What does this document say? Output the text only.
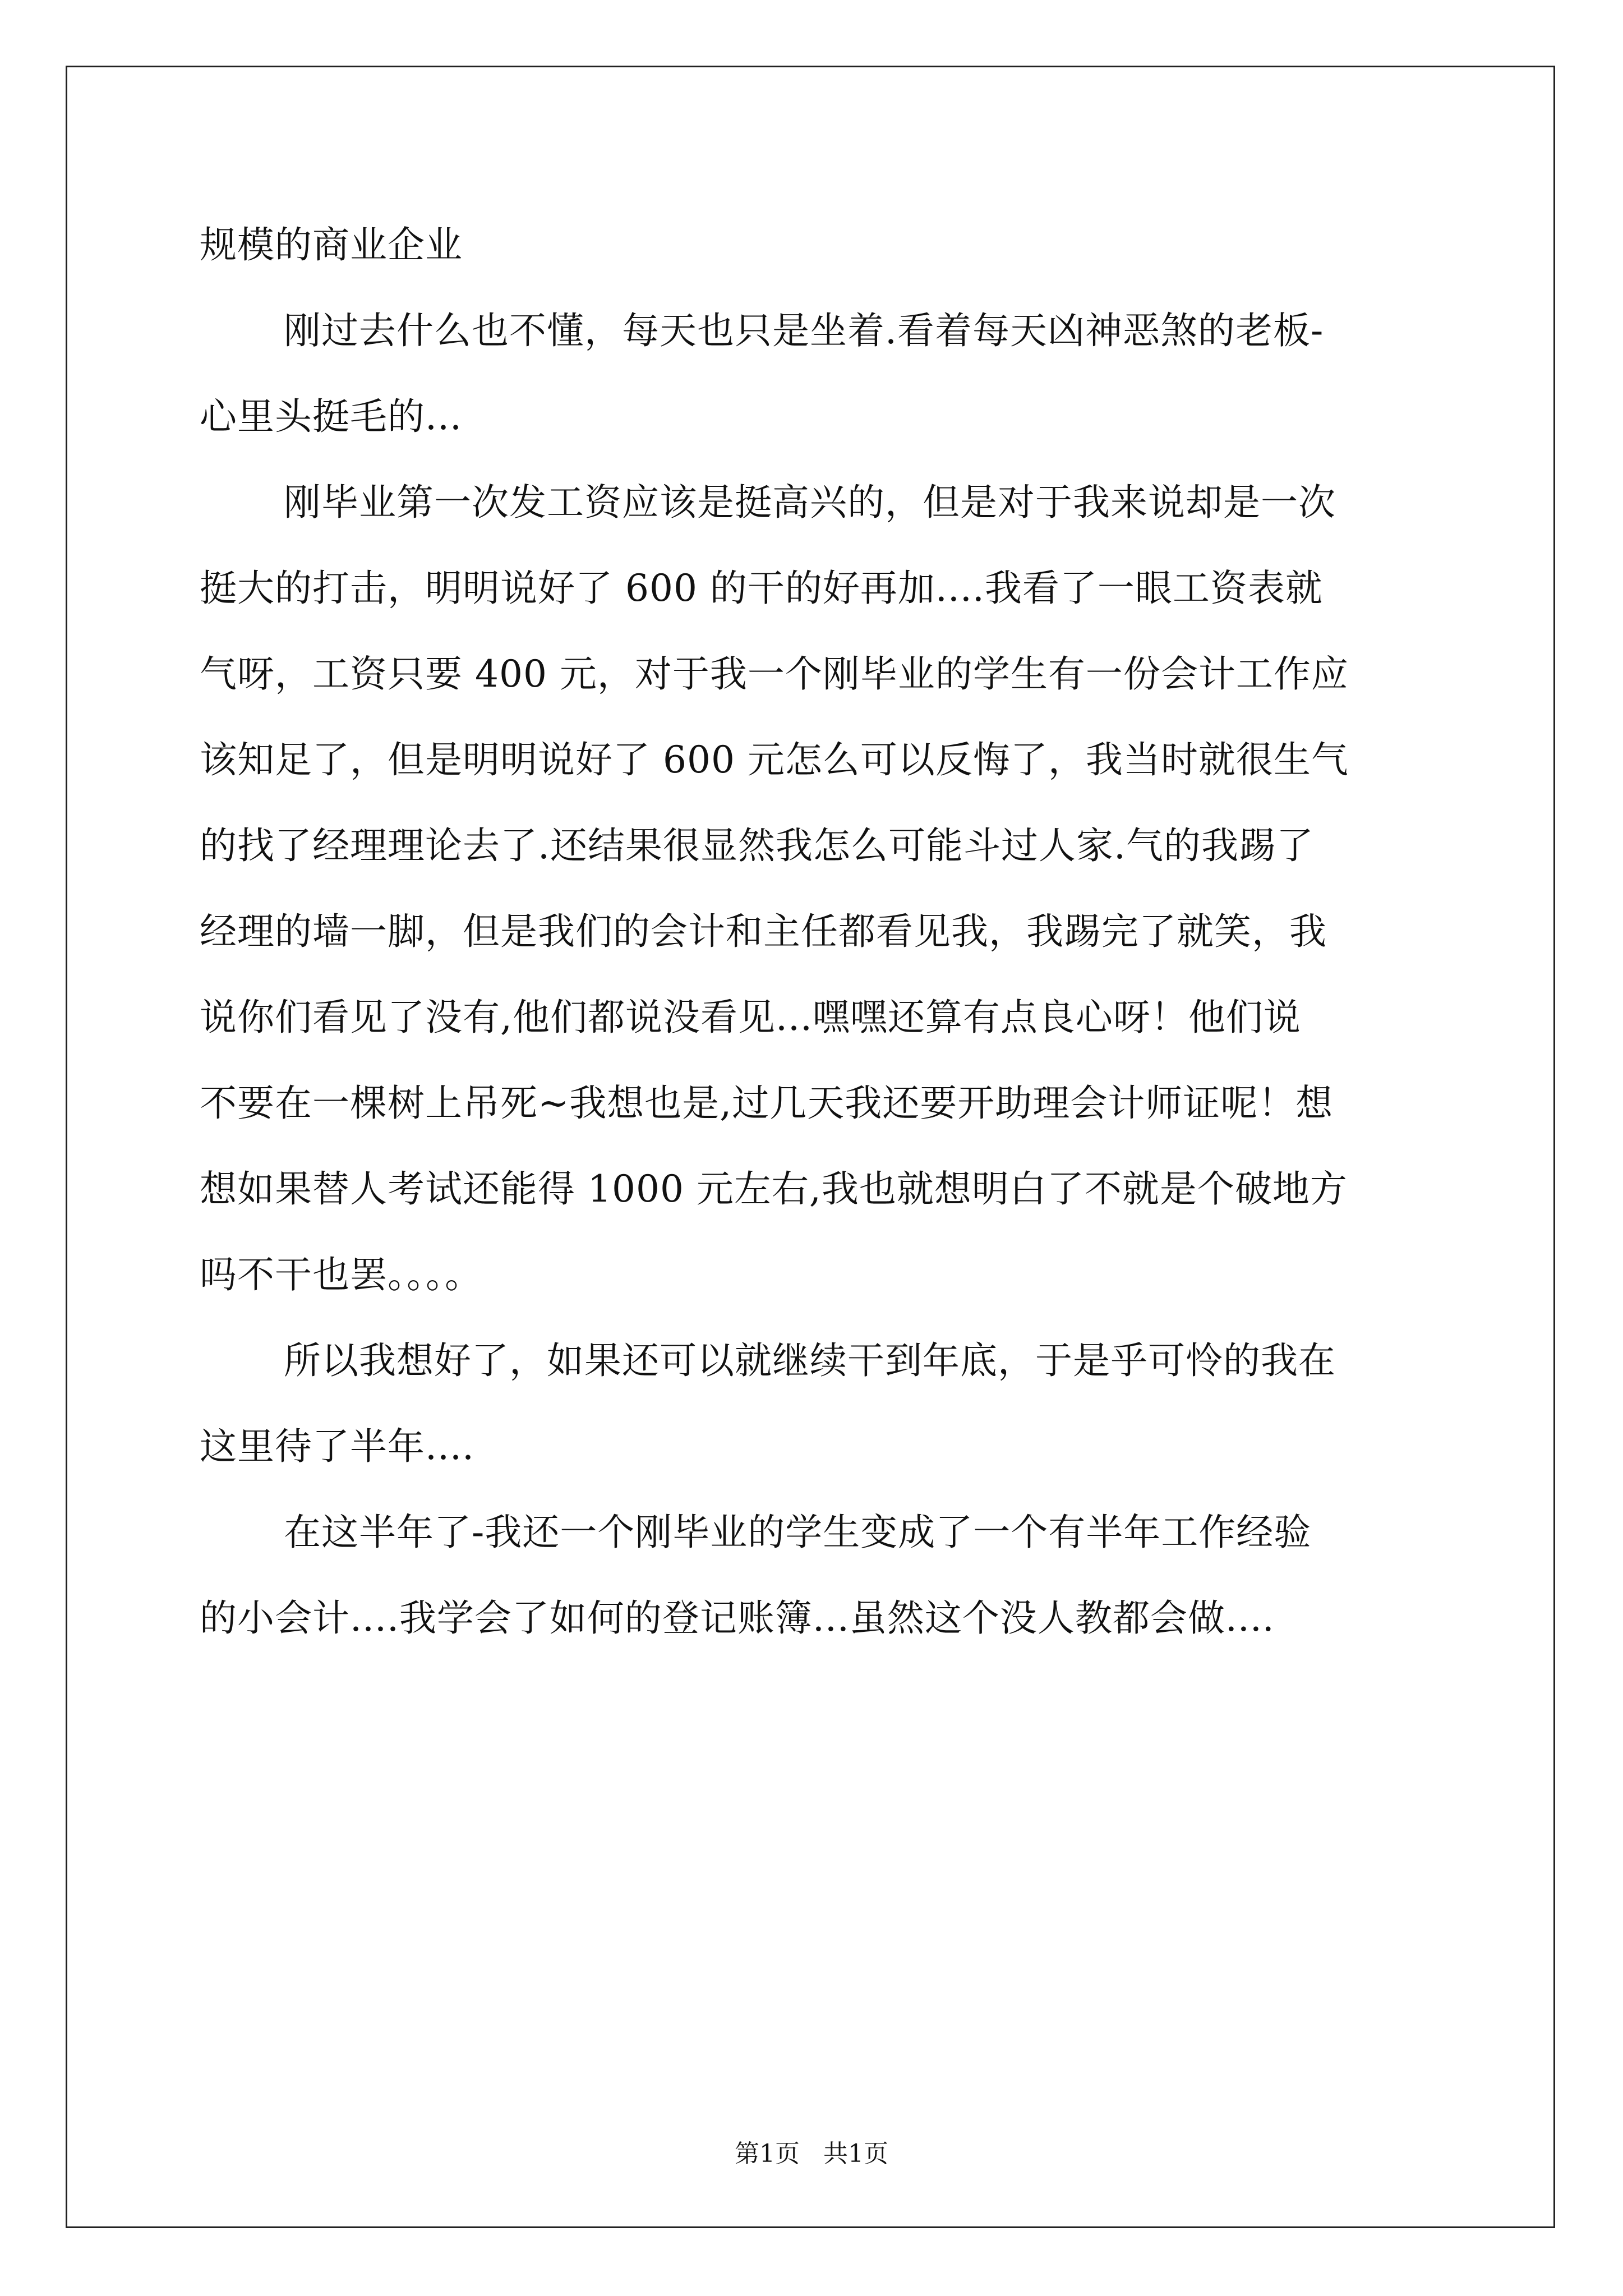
规模的商业企业
刚过去什么也不懂，每天也只是坐着.看着每天凶神恶煞的老板-
心里头挺毛的...
刚毕业第一次发工资应该是挺高兴的，但是对于我来说却是一次
挺大的打击，明明说好了 600 的干的好再加....我看了一眼工资表就
气呀，工资只要 400 元，对于我一个刚毕业的学生有一份会计工作应
该知足了，但是明明说好了 600 元怎么可以反悔了，我当时就很生气
的找了经理理论去了.还结果很显然我怎么可能斗过人家.气的我踢了
经理的墙一脚，但是我们的会计和主任都看见我，我踢完了就笑，我
说你们看见了没有,他们都说没看见...嘿嘿还算有点良心呀！他们说
不要在一棵树上吊死~我想也是,过几天我还要开助理会计师证呢！想
想如果替人考试还能得 1000 元左右,我也就想明白了不就是个破地方
吗不干也罢。。。。
所以我想好了，如果还可以就继续干到年底，于是乎可怜的我在
这里待了半年....
在这半年了-我还一个刚毕业的学生变成了一个有半年工作经验
的小会计....我学会了如何的登记账簿...虽然这个没人教都会做....
第1页 共1页
